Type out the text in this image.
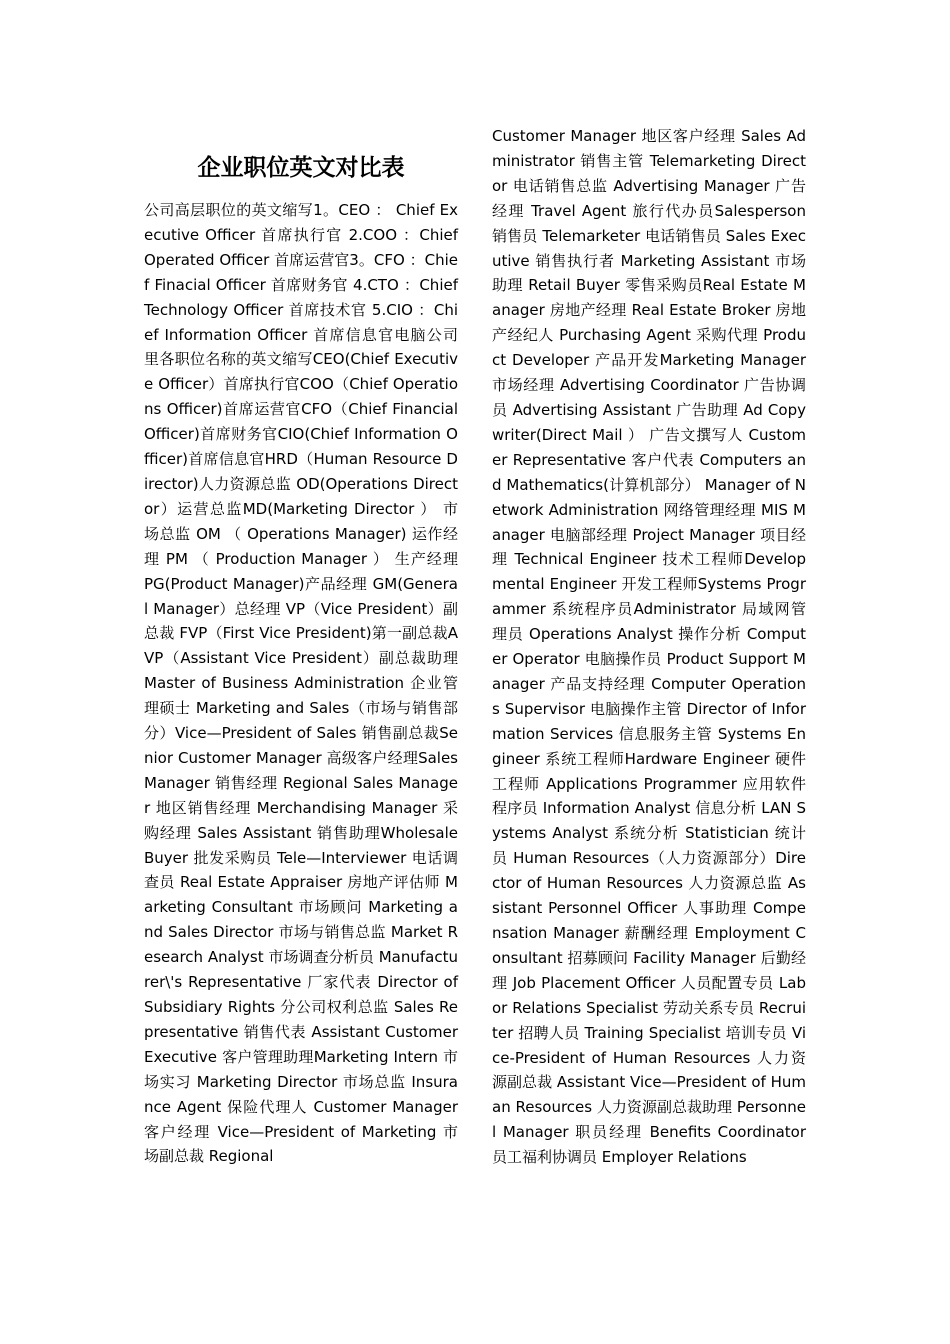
企业职位英文对比表
公司高层职位的英文缩写1。CEO ： Chief Executive Officer 首席执行官 2.COO ：Chief Operated Officer 首席运营官3。CFO ：Chief Finacial Officer 首席财务官 4.CTO ：Chief Technology Officer 首席技术官 5.CIO ：Chief Information Officer 首席信息官电脑公司里各职位名称的英文缩写CEO(Chief Executive Officer）首席执行官COO（Chief Operations Officer)首席运营官CFO（Chief Financial Officer)首席财务官CIO(Chief Information Officer)首席信息官HRD（Human Resource Director)人力资源总监 OD(Operations Director）运营总监MD(Marketing Director ） 市场总监 OM （ Operations Manager) 运作经理 PM （ Production Manager ） 生产经理 PG(Product Manager)产品经理 GM(General Manager）总经理 VP（Vice President）副总裁 FVP（First Vice President)第一副总裁AVP（Assistant Vice President）副总裁助理Master of Business Administration 企业管理硕士 Marketing and Sales（市场与销售部分）Vice—President of Sales 销售副总裁Senior Customer Manager 高级客户经理Sales Manager 销售经理 Regional Sales Manager 地区销售经理 Merchandising Manager 采购经理 Sales Assistant 销售助理Wholesale Buyer 批发采购员 Tele—Interviewer 电话调查员 Real Estate Appraiser 房地产评估师 Marketing Consultant 市场顾问 Marketing and Sales Director 市场与销售总监 Market Research Analyst 市场调查分析员 Manufacturer\'s Representative 厂家代表 Director of Subsidiary Rights 分公司权利总监 Sales Representative 销售代表 Assistant Customer Executive 客户管理助理Marketing Intern 市场实习 Marketing Director 市场总监 Insurance Agent 保险代理人 Customer Manager 客户经理 Vice—President of Marketing 市场副总裁 Regional
Customer Manager 地区客户经理 Sales Administrator 销售主管 Telemarketing Director 电话销售总监 Advertising Manager 广告经理 Travel Agent 旅行代办员Salesperson 销售员 Telemarketer 电话销售员 Sales Executive 销售执行者 Marketing Assistant 市场助理 Retail Buyer 零售采购员Real Estate Manager 房地产经理 Real Estate Broker 房地产经纪人 Purchasing Agent 采购代理 Product Developer 产品开发Marketing Manager 市场经理 Advertising Coordinator 广告协调员 Advertising Assistant 广告助理 Ad Copywriter(Direct Mail ） 广告文撰写人 Customer Representative 客户代表 Computers and Mathematics(计算机部分） Manager of Network Administration 网络管理经理 MIS Manager 电脑部经理 Project Manager 项目经理 Technical Engineer 技术工程师Developmental Engineer 开发工程师Systems Programmer 系统程序员Administrator 局域网管理员 Operations Analyst 操作分析 Computer Operator 电脑操作员 Product Support Manager 产品支持经理 Computer Operations Supervisor 电脑操作主管 Director of Information Services 信息服务主管 Systems Engineer 系统工程师Hardware Engineer 硬件工程师 Applications Programmer 应用软件程序员 Information Analyst 信息分析 LAN Systems Analyst 系统分析 Statistician 统计员 Human Resources（人力资源部分）Director of Human Resources 人力资源总监 Assistant Personnel Officer 人事助理 Compensation Manager 薪酬经理 Employment Consultant 招募顾问 Facility Manager 后勤经理 Job Placement Officer 人员配置专员 Labor Relations Specialist 劳动关系专员 Recruiter 招聘人员 Training Specialist 培训专员 Vice-President of Human Resources 人力资源副总裁 Assistant Vice—President of Human Resources 人力资源副总裁助理 Personnel Manager 职员经理 Benefits Coordinator 员工福利协调员 Employer Relations
